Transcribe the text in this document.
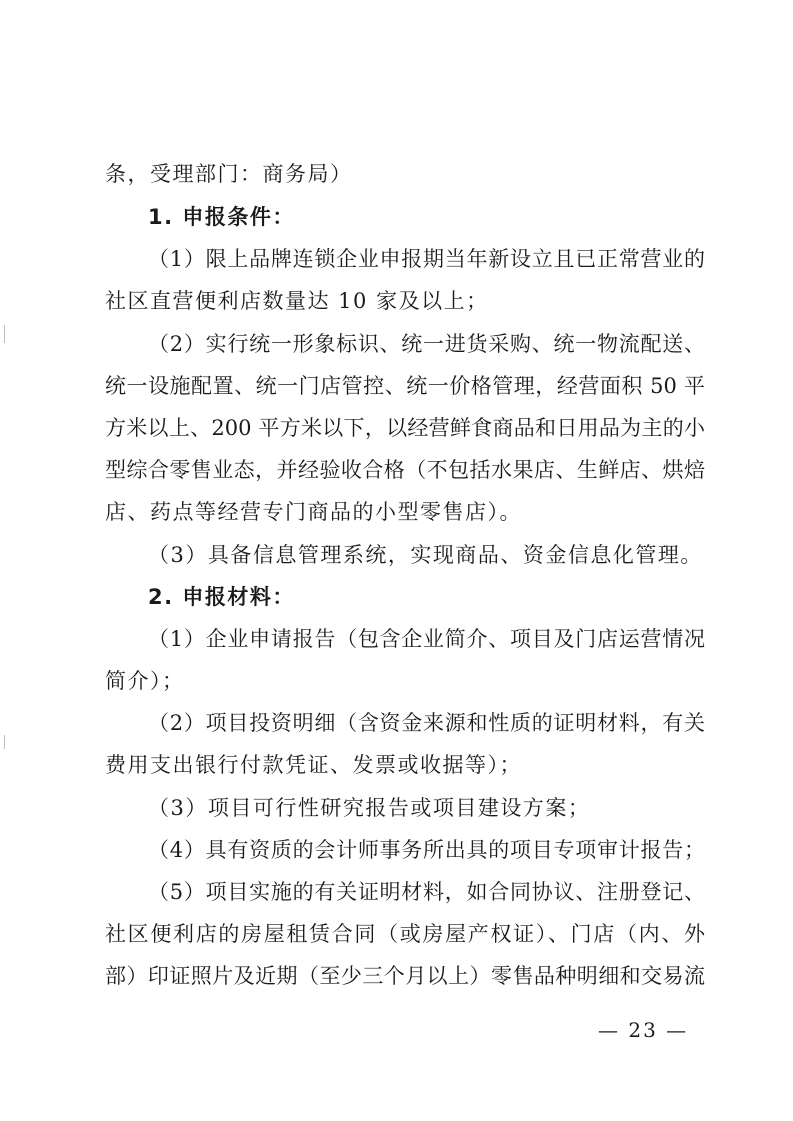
条，受理部门：商务局）
1. 申报条件：
（1）限上品牌连锁企业申报期当年新设立且已正常营业的
社区直营便利店数量达 10 家及以上；
（2）实行统一形象标识、统一进货采购、统一物流配送、
统一设施配置、统一门店管控、统一价格管理，经营面积 50 平
方米以上、200 平方米以下，以经营鲜食商品和日用品为主的小
型综合零售业态，并经验收合格（不包括水果店、生鲜店、烘焙
店、药点等经营专门商品的小型零售店）。
（3）具备信息管理系统，实现商品、资金信息化管理。
2. 申报材料：
（1）企业申请报告（包含企业简介、项目及门店运营情况
简介）；
（2）项目投资明细（含资金来源和性质的证明材料，有关
费用支出银行付款凭证、发票或收据等）；
（3）项目可行性研究报告或项目建设方案；
（4）具有资质的会计师事务所出具的项目专项审计报告；
（5）项目实施的有关证明材料，如合同协议、注册登记、
社区便利店的房屋租赁合同（或房屋产权证）、门店（内、外
部）印证照片及近期（至少三个月以上）零售品种明细和交易流
— 23 —
